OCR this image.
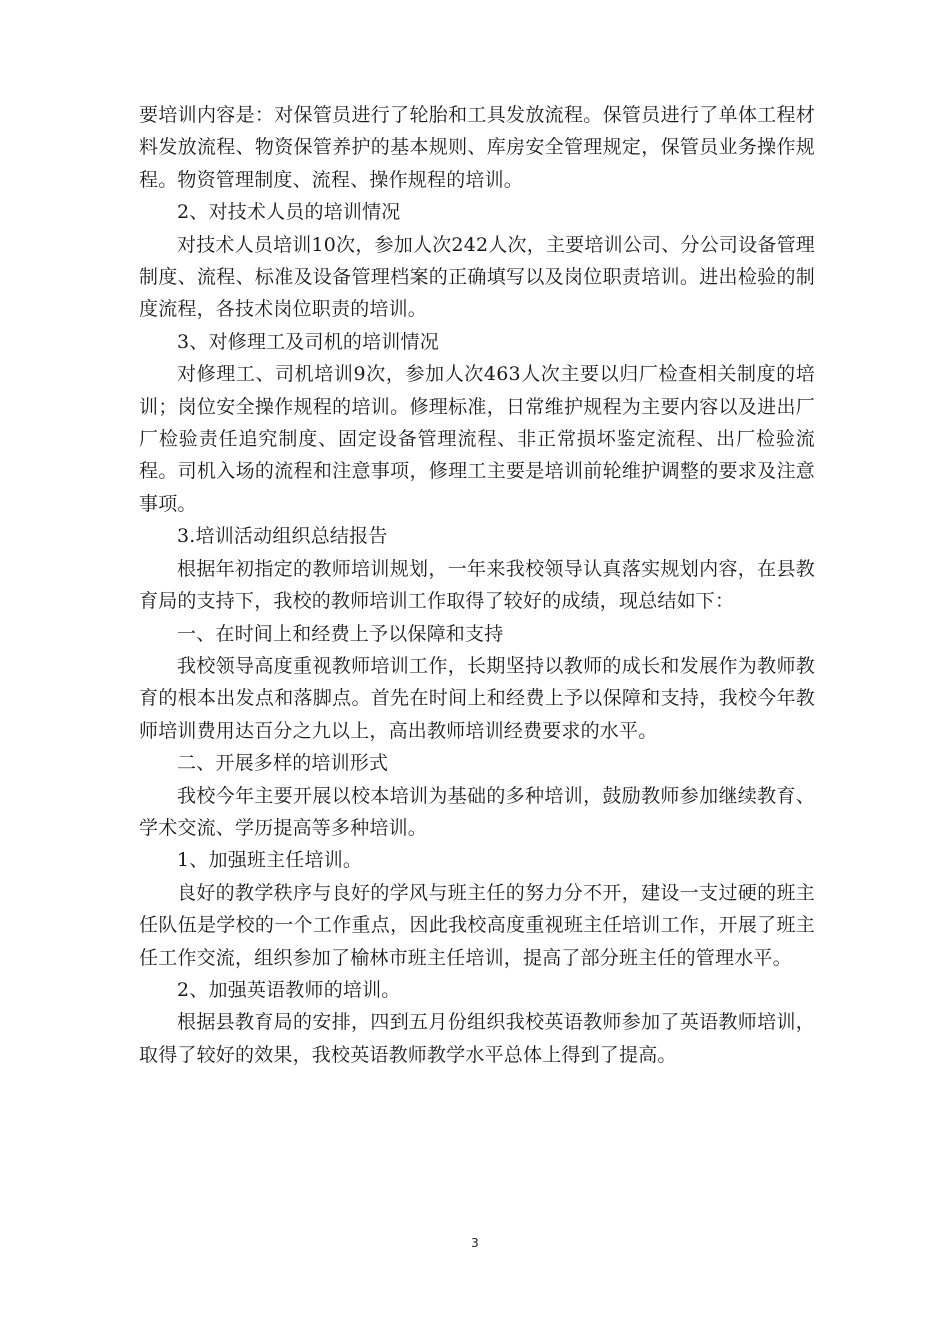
要培训内容是：对保管员进行了轮胎和工具发放流程。保管员进行了单体工程材料发放流程、物资保管养护的基本规则、库房安全管理规定，保管员业务操作规程。物资管理制度、流程、操作规程的培训。

2、对技术人员的培训情况

对技术人员培训10次，参加人次242人次，主要培训公司、分公司设备管理制度、流程、标准及设备管理档案的正确填写以及岗位职责培训。进出检验的制度流程，各技术岗位职责的培训。

3、对修理工及司机的培训情况

对修理工、司机培训9次，参加人次463人次主要以归厂检查相关制度的培训；岗位安全操作规程的培训。修理标准，日常维护规程为主要内容以及进出厂厂检验责任追究制度、固定设备管理流程、非正常损坏鉴定流程、出厂检验流程。司机入场的流程和注意事项，修理工主要是培训前轮维护调整的要求及注意事项。

3.培训活动组织总结报告

根据年初指定的教师培训规划，一年来我校领导认真落实规划内容，在县教育局的支持下，我校的教师培训工作取得了较好的成绩，现总结如下：

一、在时间上和经费上予以保障和支持

我校领导高度重视教师培训工作，长期坚持以教师的成长和发展作为教师教育的根本出发点和落脚点。首先在时间上和经费上予以保障和支持，我校今年教师培训费用达百分之九以上，高出教师培训经费要求的水平。

二、开展多样的培训形式

我校今年主要开展以校本培训为基础的多种培训，鼓励教师参加继续教育、学术交流、学历提高等多种培训。

1、加强班主任培训。

良好的教学秩序与良好的学风与班主任的努力分不开，建设一支过硬的班主任队伍是学校的一个工作重点，因此我校高度重视班主任培训工作，开展了班主任工作交流，组织参加了榆林市班主任培训，提高了部分班主任的管理水平。

2、加强英语教师的培训。

根据县教育局的安排，四到五月份组织我校英语教师参加了英语教师培训，取得了较好的效果，我校英语教师教学水平总体上得到了提高。

3
